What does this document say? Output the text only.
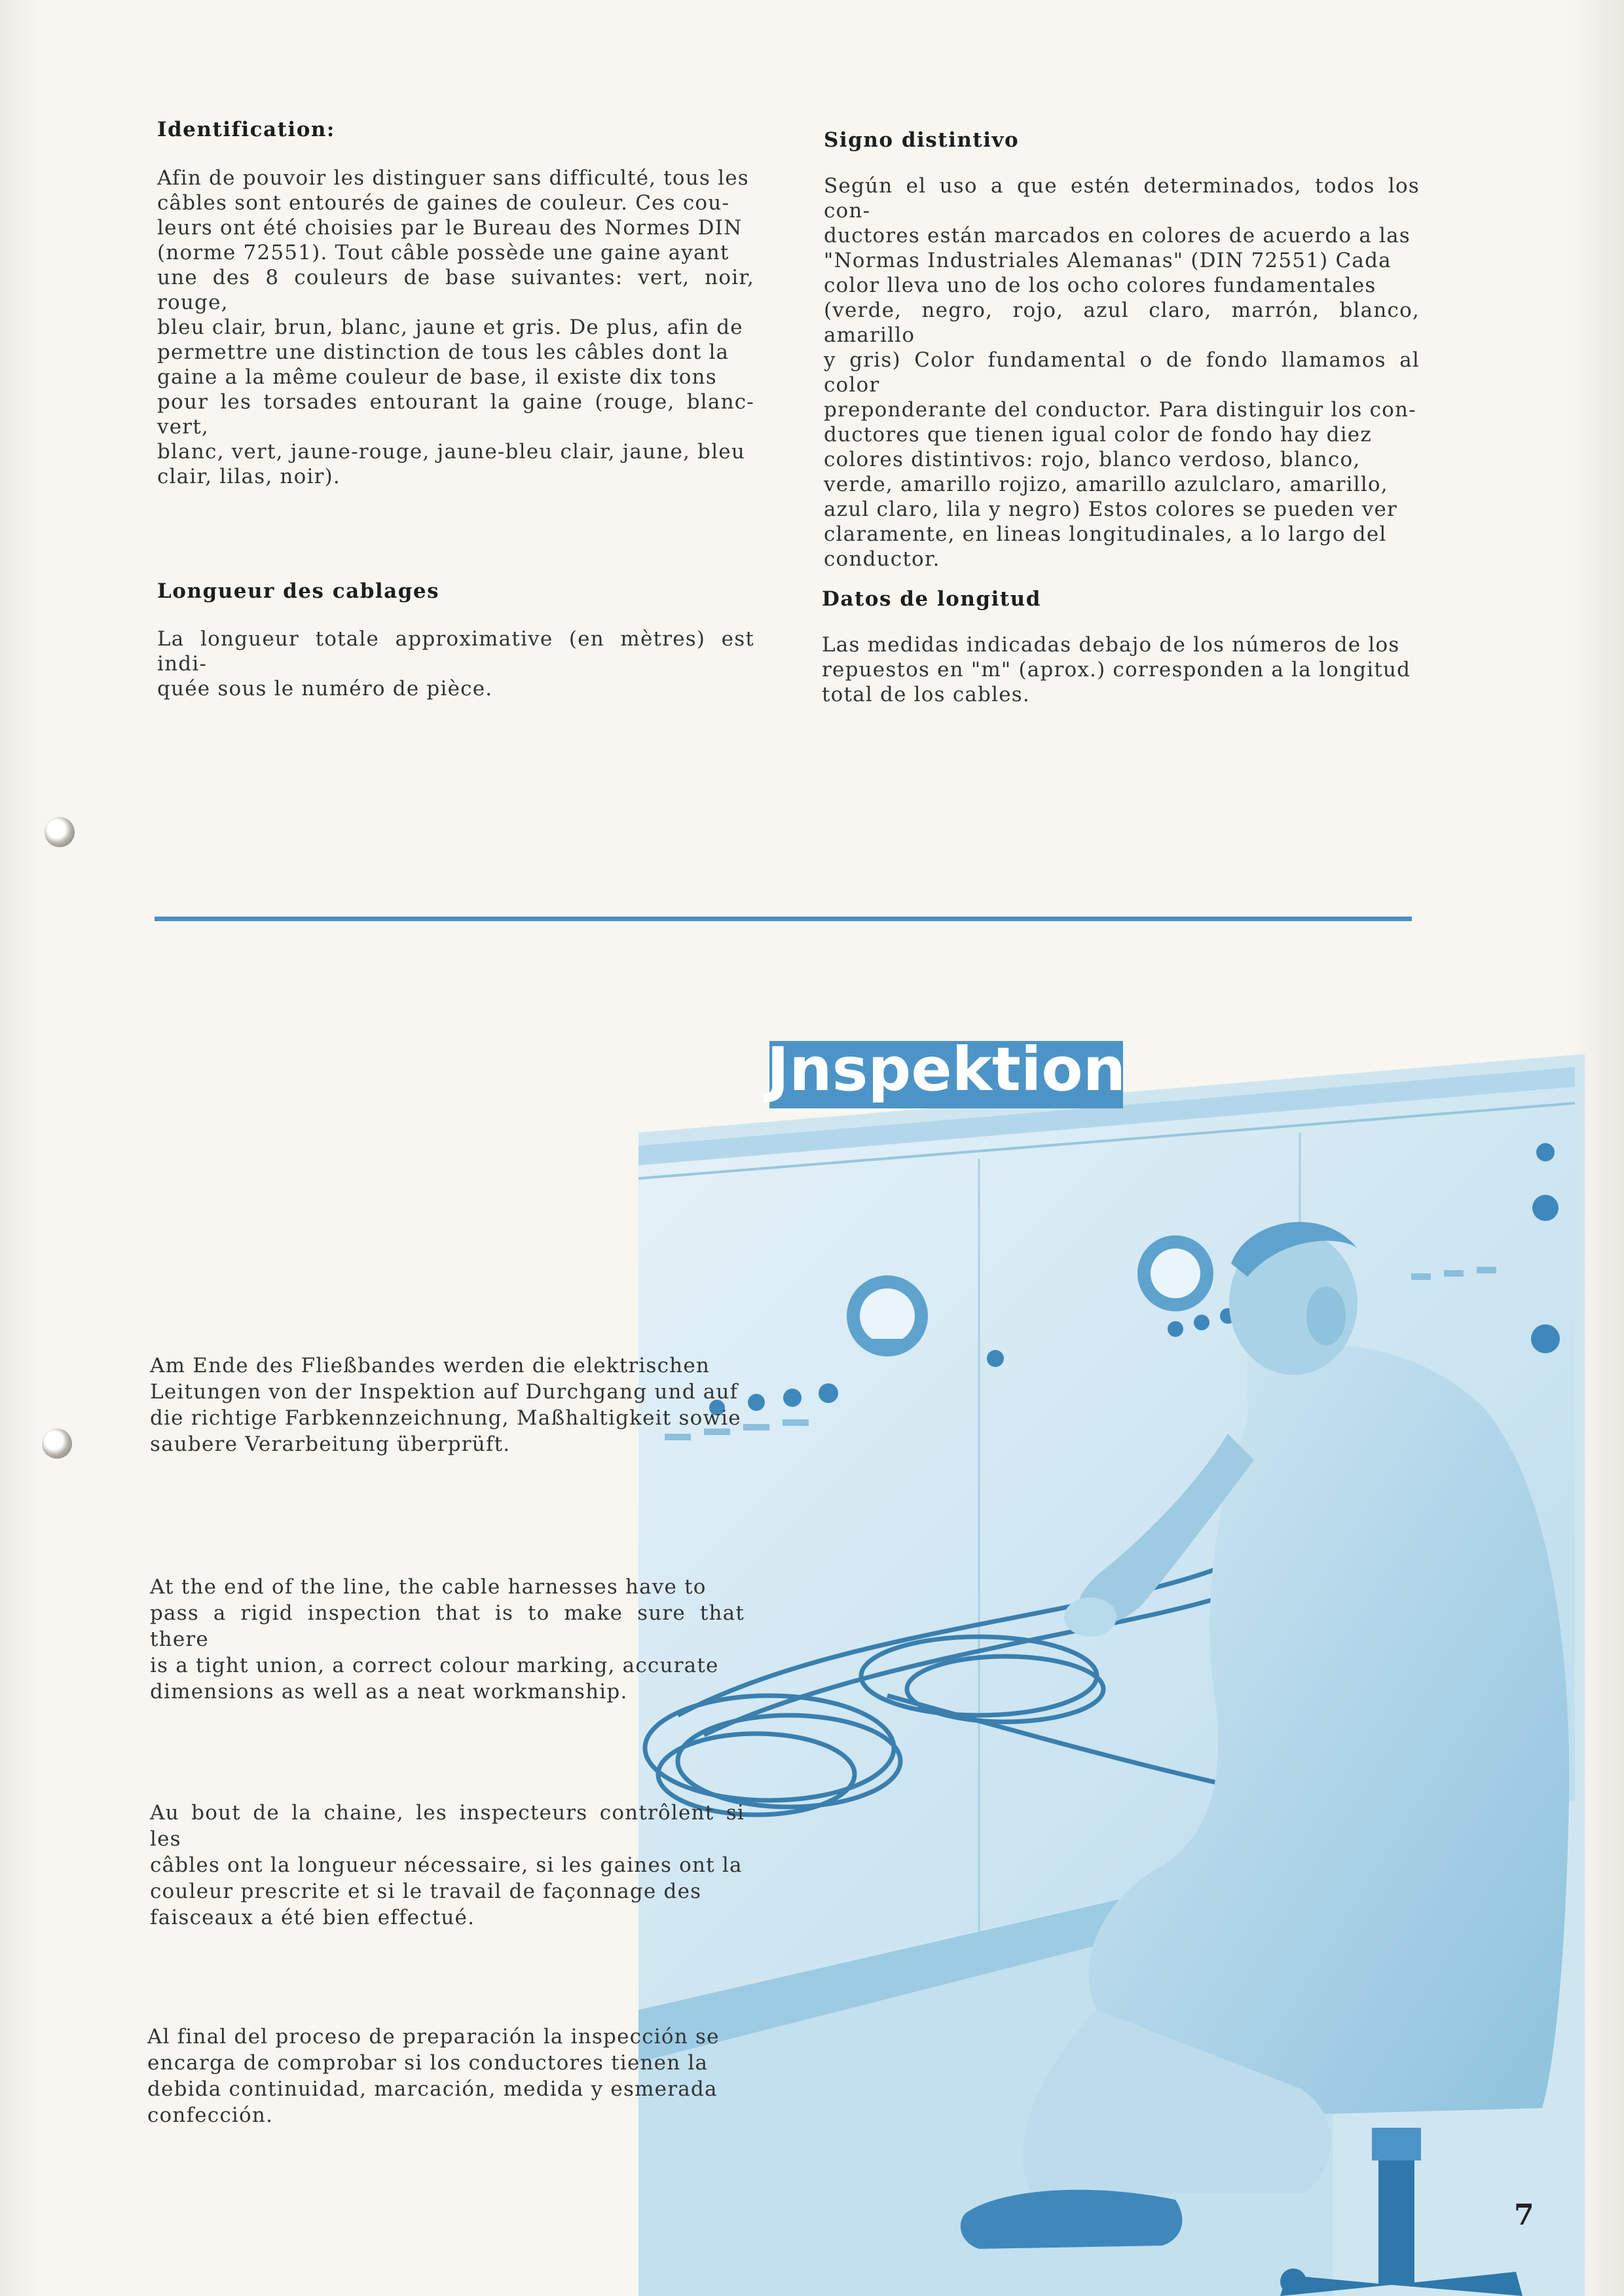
Identification:
Afin de pouvoir les distinguer sans difficulté, tous les
câbles sont entourés de gaines de couleur. Ces cou-
leurs ont été choisies par le Bureau des Normes DIN
(norme 72551). Tout câble possède une gaine ayant
une des 8 couleurs de base suivantes: vert, noir, rouge,
bleu clair, brun, blanc, jaune et gris. De plus, afin de
permettre une distinction de tous les câbles dont la
gaine a la même couleur de base, il existe dix tons
pour les torsades entourant la gaine (rouge, blanc-vert,
blanc, vert, jaune-rouge, jaune-bleu clair, jaune, bleu
clair, lilas, noir).
Longueur des cablages
La longueur totale approximative (en mètres) est indi-
quée sous le numéro de pièce.
Signo distintivo
Según el uso a que estén determinados, todos los con-
ductores están marcados en colores de acuerdo a las
"Normas Industriales Alemanas" (DIN 72551) Cada
color lleva uno de los ocho colores fundamentales
(verde, negro, rojo, azul claro, marrón, blanco, amarillo
y gris) Color fundamental o de fondo llamamos al color
preponderante del conductor. Para distinguir los con-
ductores que tienen igual color de fondo hay diez
colores distintivos: rojo, blanco verdoso, blanco,
verde, amarillo rojizo, amarillo azulclaro, amarillo,
azul claro, lila y negro) Estos colores se pueden ver
claramente, en lineas longitudinales, a lo largo del
conductor.
Datos de longitud
Las medidas indicadas debajo de los números de los
repuestos en "m" (aprox.) corresponden a la longitud
total de los cables.
Jnspektion
Am Ende des Fließbandes werden die elektrischen
Leitungen von der Inspektion auf Durchgang und auf
die richtige Farbkennzeichnung, Maßhaltigkeit sowie
saubere Verarbeitung überprüft.
At the end of the line, the cable harnesses have to
pass a rigid inspection that is to make sure that there
is a tight union, a correct colour marking, accurate
dimensions as well as a neat workmanship.
Au bout de la chaine, les inspecteurs contrôlent si les
câbles ont la longueur nécessaire, si les gaines ont la
couleur prescrite et si le travail de façonnage des
faisceaux a été bien effectué.
Al final del proceso de preparación la inspección se
encarga de comprobar si los conductores tienen la
debida continuidad, marcación, medida y esmerada
confección.
7
